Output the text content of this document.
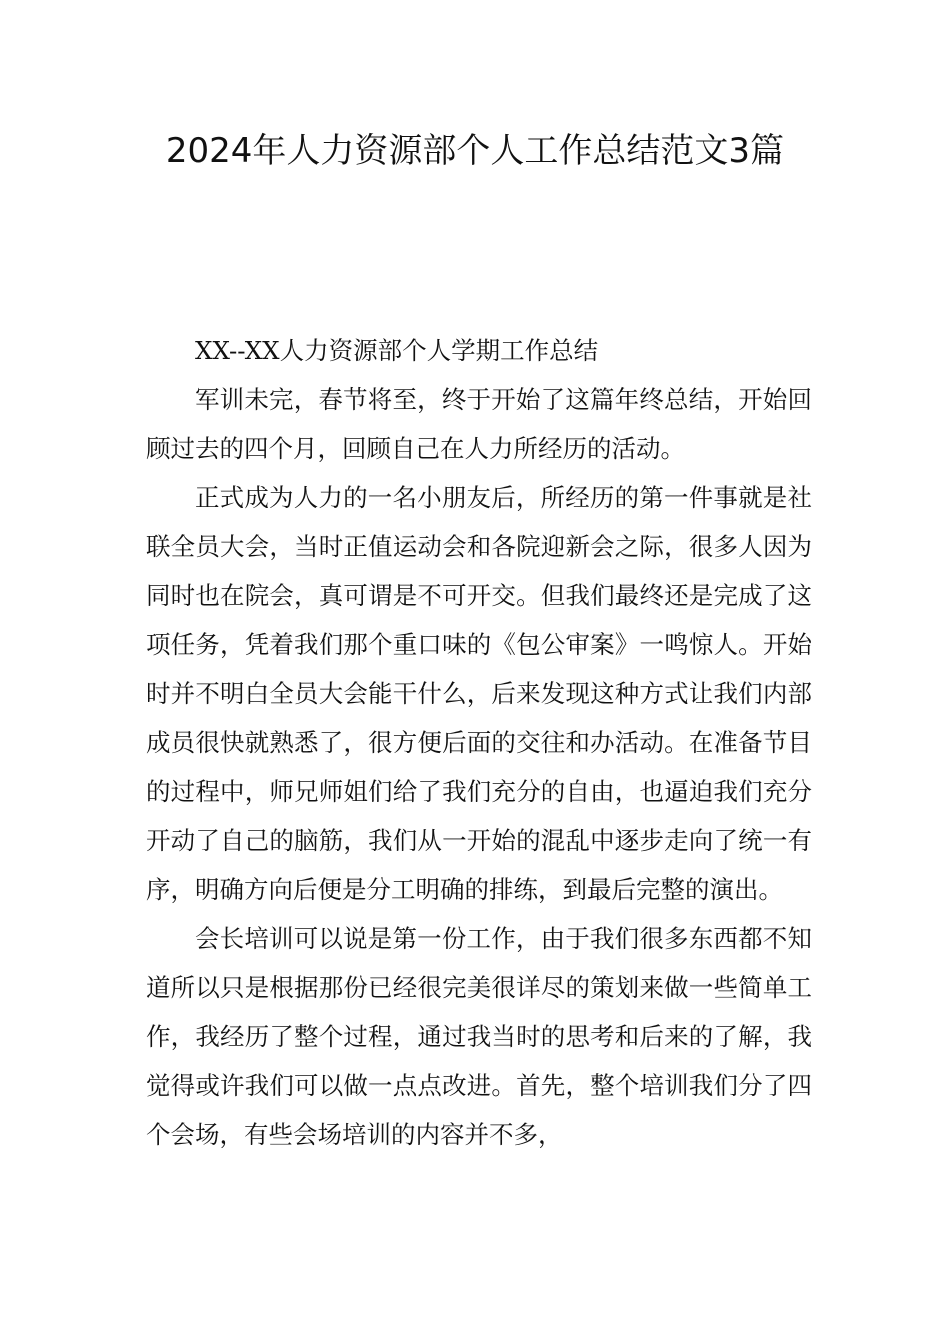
2024年人力资源部个人工作总结范文3篇

XX--XX人力资源部个人学期工作总结

军训未完，春节将至，终于开始了这篇年终总结，开始回顾过去的四个月，回顾自己在人力所经历的活动。

正式成为人力的一名小朋友后，所经历的第一件事就是社联全员大会，当时正值运动会和各院迎新会之际，很多人因为同时也在院会，真可谓是不可开交。但我们最终还是完成了这项任务，凭着我们那个重口味的《包公审案》一鸣惊人。开始时并不明白全员大会能干什么，后来发现这种方式让我们内部成员很快就熟悉了，很方便后面的交往和办活动。在准备节目的过程中，师兄师姐们给了我们充分的自由，也逼迫我们充分开动了自己的脑筋，我们从一开始的混乱中逐步走向了统一有序，明确方向后便是分工明确的排练，到最后完整的演出。

会长培训可以说是第一份工作，由于我们很多东西都不知道所以只是根据那份已经很完美很详尽的策划来做一些简单工作，我经历了整个过程，通过我当时的思考和后来的了解，我觉得或许我们可以做一点点改进。首先，整个培训我们分了四个会场，有些会场培训的内容并不多，
